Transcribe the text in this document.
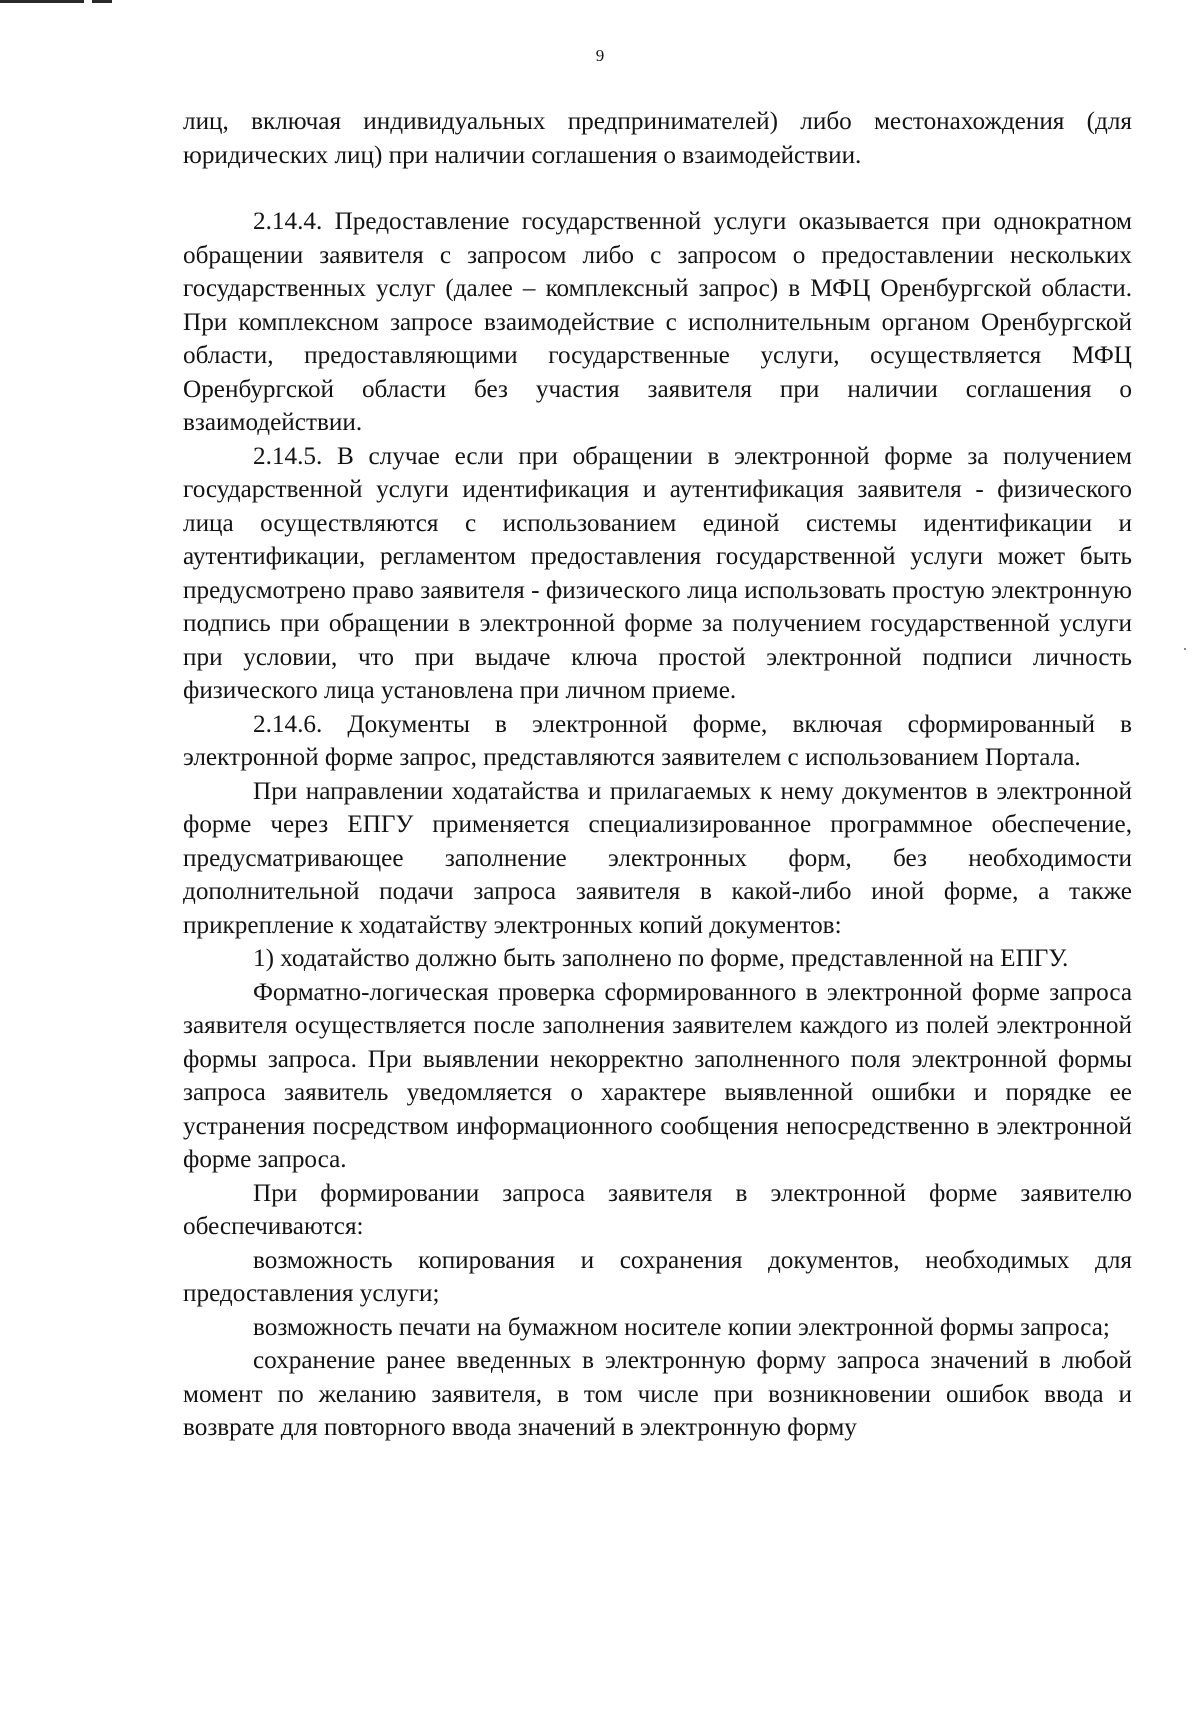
9

лиц, включая индивидуальных предпринимателей) либо местонахождения (для юридических лиц) при наличии соглашения о взаимодействии.

2.14.4. Предоставление государственной услуги оказывается при однократном обращении заявителя с запросом либо с запросом о предоставлении нескольких государственных услуг (далее – комплексный запрос) в МФЦ Оренбургской области. При комплексном запросе взаимодействие с исполнительным органом Оренбургской области, предоставляющими государственные услуги, осуществляется МФЦ Оренбургской области без участия заявителя при наличии соглашения о взаимодействии.

2.14.5. В случае если при обращении в электронной форме за получением государственной услуги идентификация и аутентификация заявителя - физического лица осуществляются с использованием единой системы идентификации и аутентификации, регламентом предоставления государственной услуги может быть предусмотрено право заявителя - физического лица использовать простую электронную подпись при обращении в электронной форме за получением государственной услуги при условии, что при выдаче ключа простой электронной подписи личность физического лица установлена при личном приеме.

2.14.6. Документы в электронной форме, включая сформированный в электронной форме запрос, представляются заявителем с использованием Портала.

При направлении ходатайства и прилагаемых к нему документов в электронной форме через ЕПГУ применяется специализированное программное обеспечение, предусматривающее заполнение электронных форм, без необходимости дополнительной подачи запроса заявителя в какой-либо иной форме, а также прикрепление к ходатайству электронных копий документов:

1) ходатайство должно быть заполнено по форме, представленной на ЕПГУ.

Форматно-логическая проверка сформированного в электронной форме запроса заявителя осуществляется после заполнения заявителем каждого из полей электронной формы запроса. При выявлении некорректно заполненного поля электронной формы запроса заявитель уведомляется о характере выявленной ошибки и порядке ее устранения посредством информационного сообщения непосредственно в электронной форме запроса.

При формировании запроса заявителя в электронной форме заявителю обеспечиваются:

возможность копирования и сохранения документов, необходимых для предоставления услуги;

возможность печати на бумажном носителе копии электронной формы запроса;

сохранение ранее введенных в электронную форму запроса значений в любой момент по желанию заявителя, в том числе при возникновении ошибок ввода и возврате для повторного ввода значений в электронную форму
